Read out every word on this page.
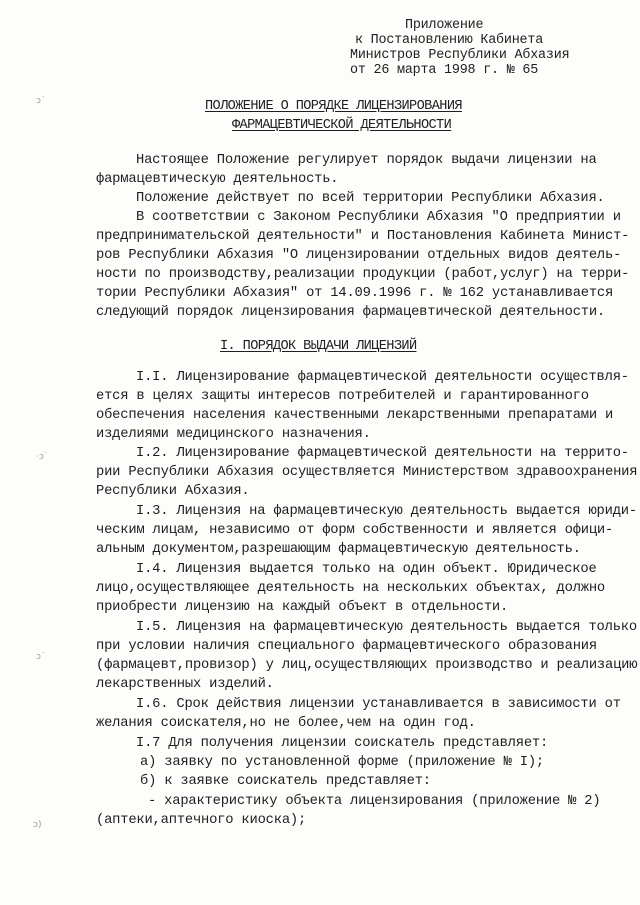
ↄ˙
·ↄ˙
ↄ˙
ↄ)
Приложение
к Постановлению Кабинета
Министров Республики Абхазия
от 26 марта 1998 г. № 65
ПОЛОЖЕНИЕ О ПОРЯДКЕ ЛИЦЕНЗИРОВАНИЯ
ФАРМАЦЕВТИЧЕСКОЙ ДЕЯТЕЛЬНОСТИ
Настоящее Положение регулирует порядок выдачи лицензии на
фармацевтическую деятельность.
Положение действует по всей территории Республики Абхазия.
В соответствии с Законом Республики Абхазия "О предприятии и
предпринимательской деятельности" и Постановления Кабинета Минист-
ров Республики Абхазия "О лицензировании отдельных видов деятель-
ности по производству,реализации продукции (работ,услуг) на терри-
тории Республики Абхазия" от 14.09.1996 г. № 162 устанавливается
следующий порядок лицензирования фармацевтической деятельности.
I. ПОРЯДОК ВЫДАЧИ ЛИЦЕНЗИЙ
I.I. Лицензирование фармацевтической деятельности осуществля-
ется в целях защиты интересов потребителей и гарантированного
обеспечения населения качественными лекарственными препаратами и
изделиями медицинского назначения.
I.2. Лицензирование фармацевтической деятельности на террито-
рии Республики Абхазия осуществляется Министерством здравоохранения
Республики Абхазия.
I.3. Лицензия на фармацевтическую деятельность выдается юриди-
ческим лицам, независимо от форм собственности и является офици-
альным документом,разрешающим фармацевтическую деятельность.
I.4. Лицензия выдается только на один объект. Юридическое
лицо,осуществляющее деятельность на нескольких объектах, должно
приобрести лицензию на каждый объект в отдельности.
I.5. Лицензия на фармацевтическую деятельность выдается только
при условии наличия специального фармацевтического образования
(фармацевт,провизор) у лиц,осуществляющих производство и реализацию
лекарственных изделий.
I.6. Срок действия лицензии устанавливается в зависимости от
желания соискателя,но не более,чем на один год.
I.7 Для получения лицензии соискатель представляет:
а) заявку по установленной форме (приложение № I);
б) к заявке соискатель представляет:
- характеристику объекта лицензирования (приложение № 2)
(аптеки,аптечного киоска);
